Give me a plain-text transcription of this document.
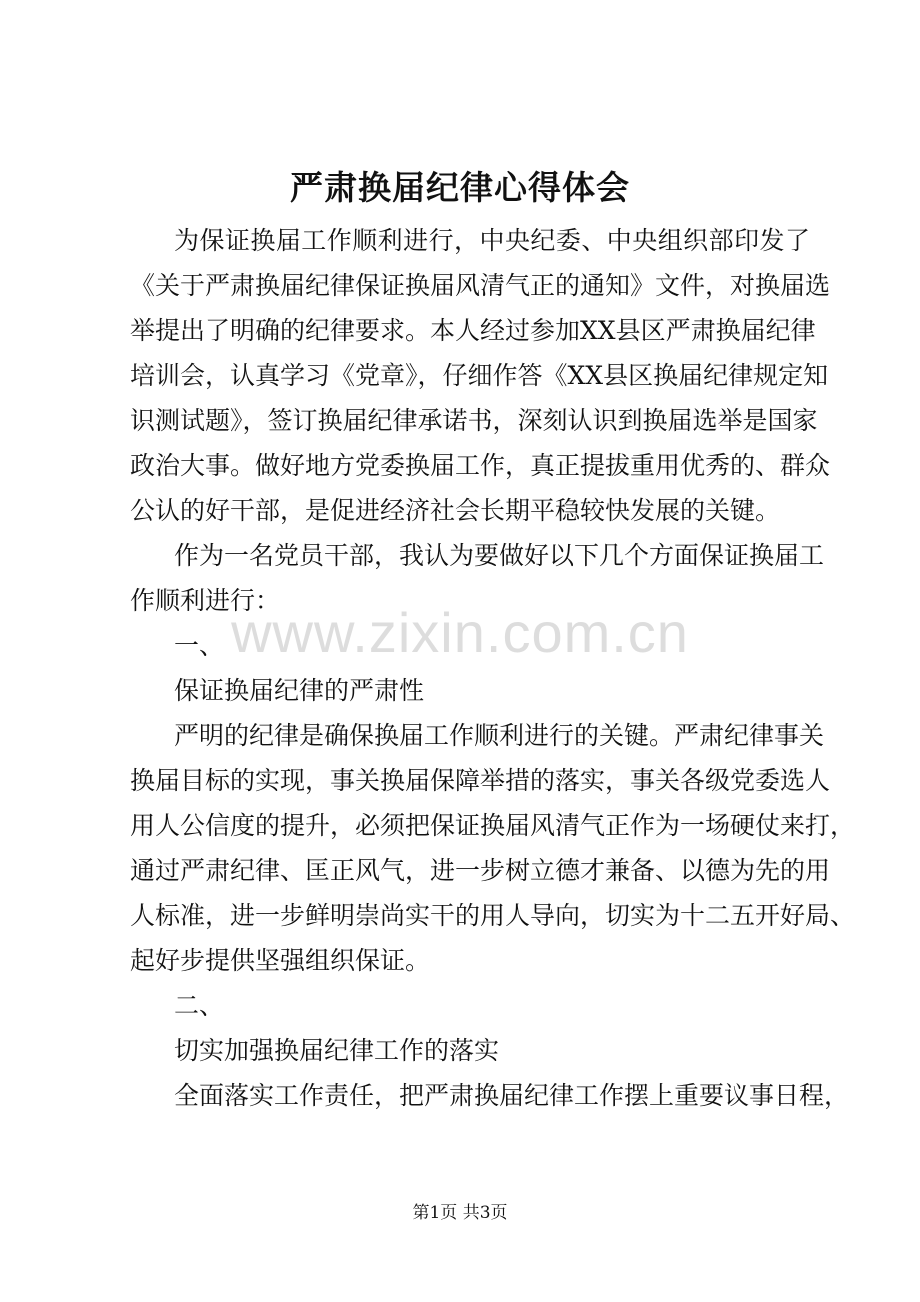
严肃换届纪律心得体会
为保证换届工作顺利进行，中央纪委、中央组织部印发了
《关于严肃换届纪律保证换届风清气正的通知》文件，对换届选
举提出了明确的纪律要求。本人经过参加XX县区严肃换届纪律
培训会，认真学习《党章》，仔细作答《XX县区换届纪律规定知
识测试题》，签订换届纪律承诺书，深刻认识到换届选举是国家
政治大事。做好地方党委换届工作，真正提拔重用优秀的、群众
公认的好干部，是促进经济社会长期平稳较快发展的关键。
作为一名党员干部，我认为要做好以下几个方面保证换届工
作顺利进行：
一、
保证换届纪律的严肃性
严明的纪律是确保换届工作顺利进行的关键。严肃纪律事关
换届目标的实现，事关换届保障举措的落实，事关各级党委选人
用人公信度的提升，必须把保证换届风清气正作为一场硬仗来打，
通过严肃纪律、匡正风气，进一步树立德才兼备、以德为先的用
人标准，进一步鲜明崇尚实干的用人导向，切实为十二五开好局、
起好步提供坚强组织保证。
二、
切实加强换届纪律工作的落实
全面落实工作责任，把严肃换届纪律工作摆上重要议事日程，
www.zixin.com.cn
第1页 共3页
